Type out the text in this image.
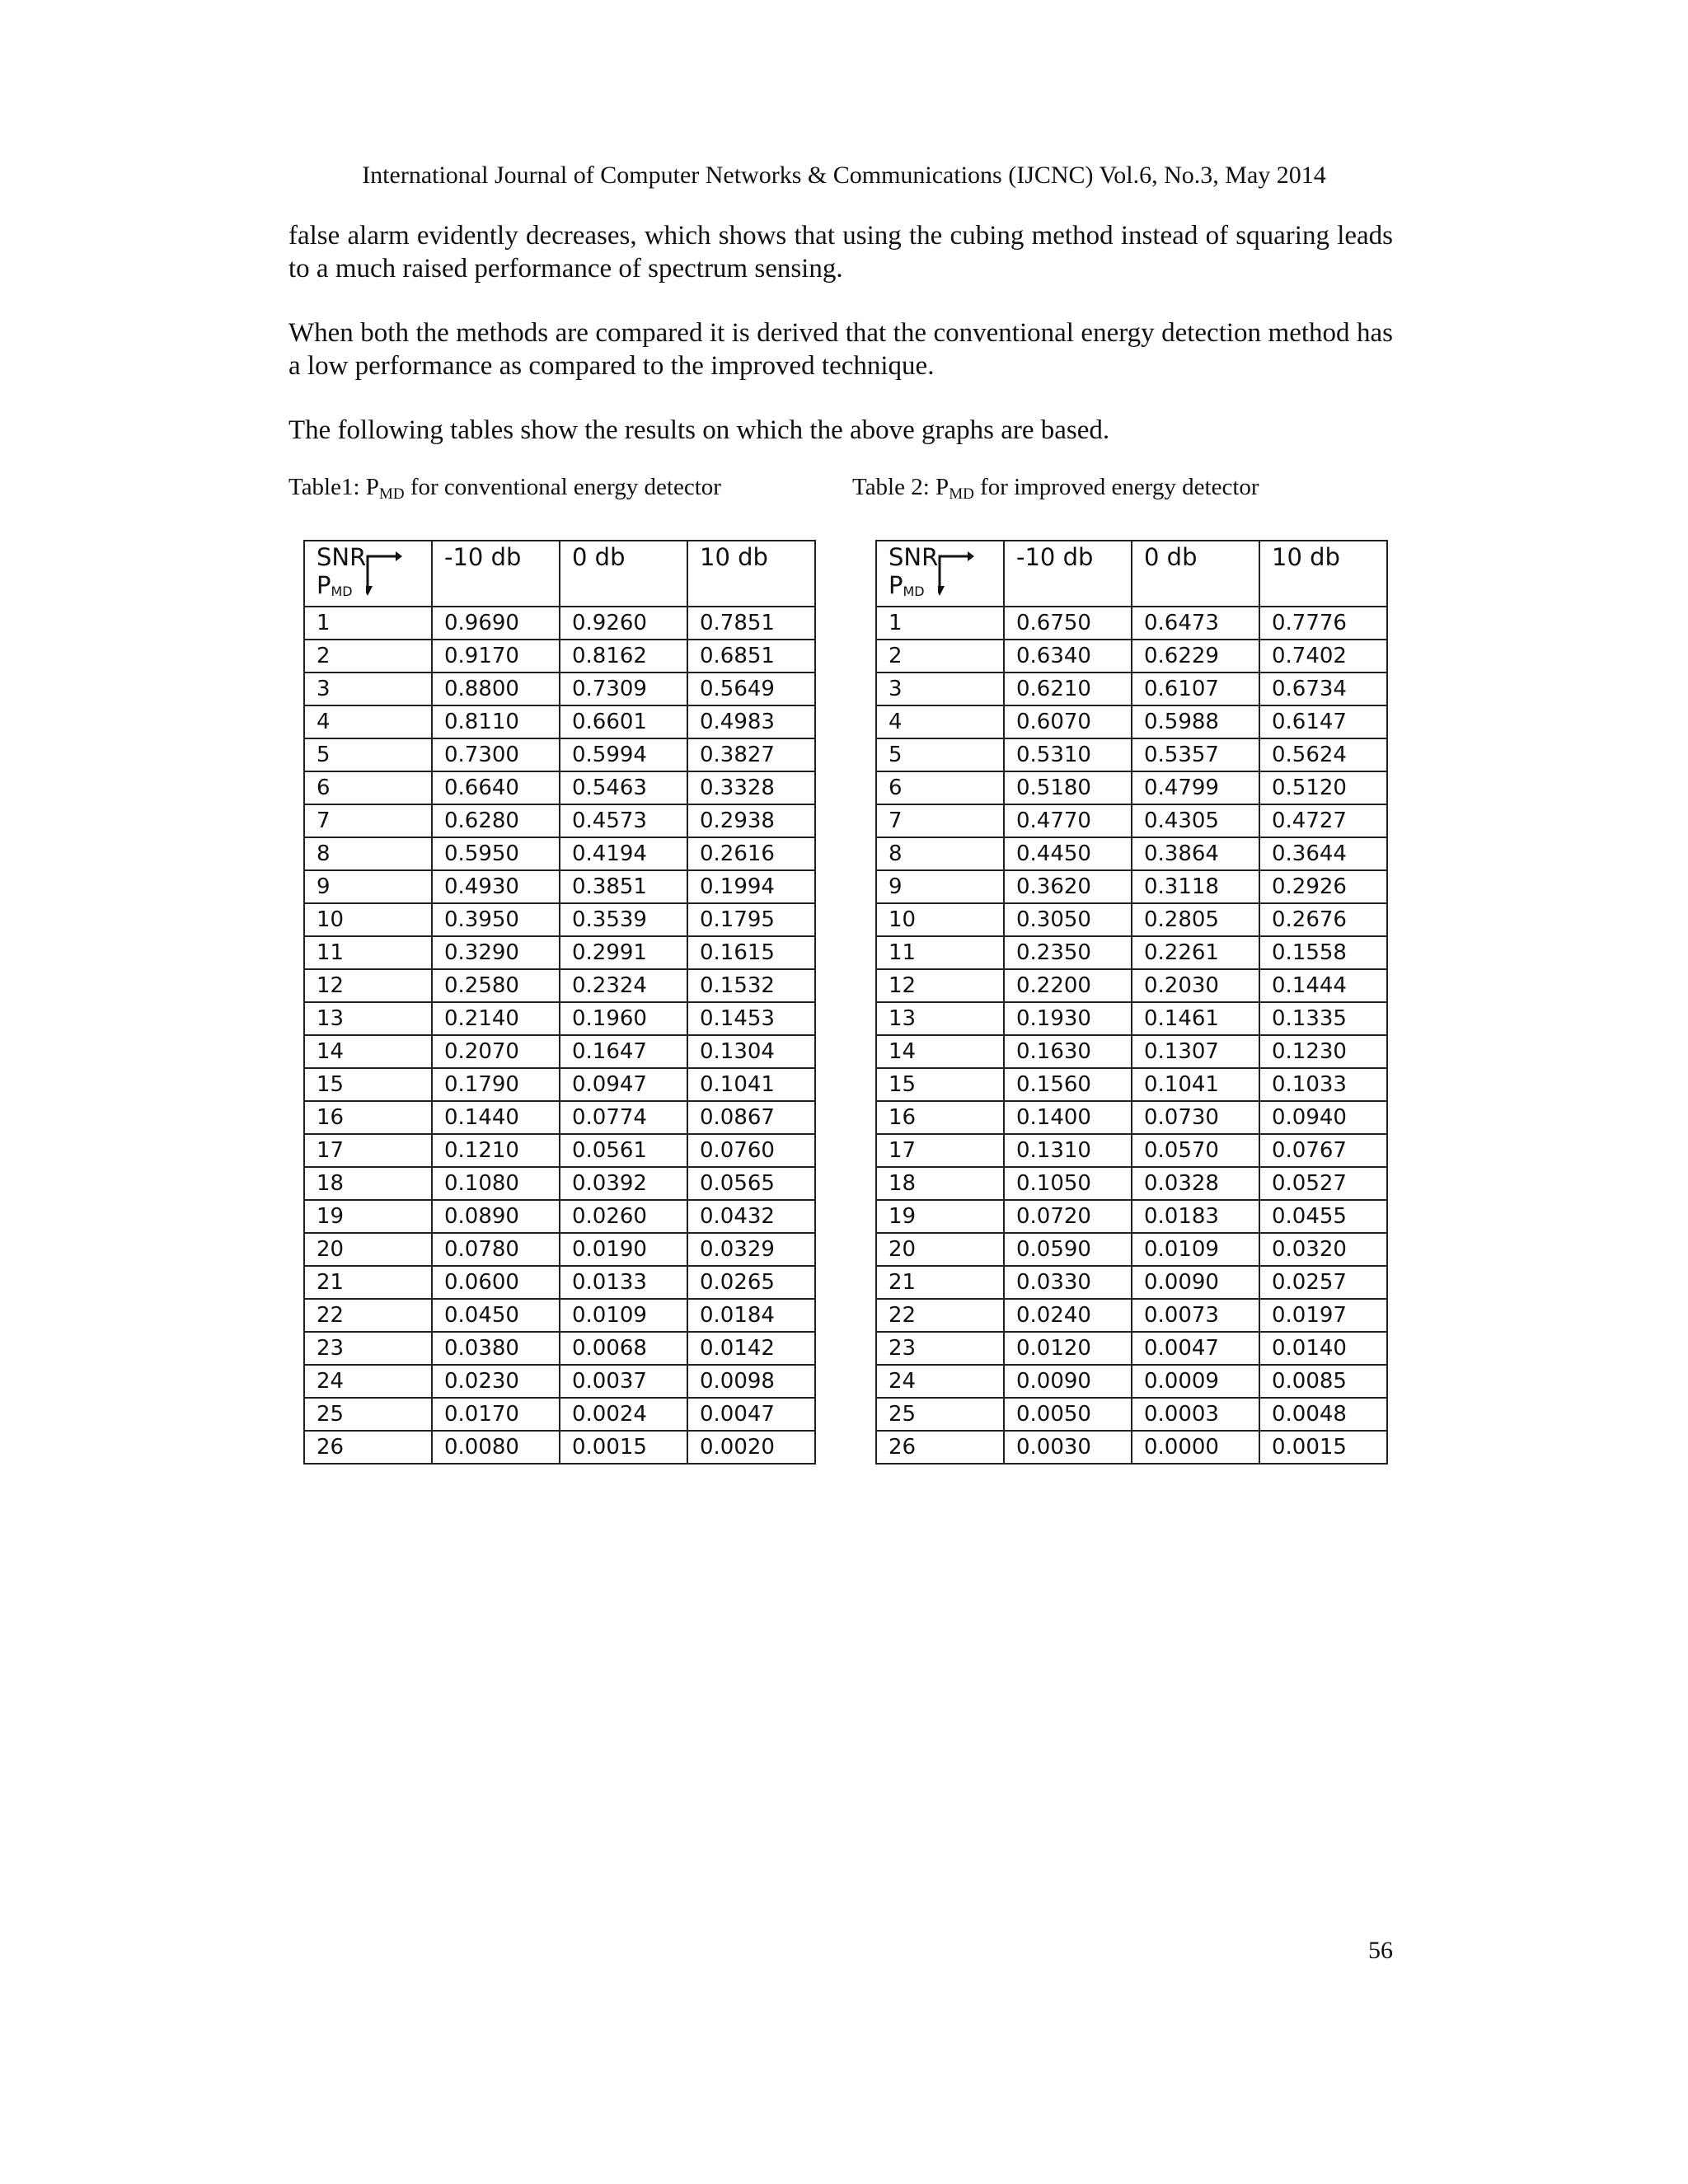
International Journal of Computer Networks & Communications (IJCNC) Vol.6, No.3, May 2014

false alarm evidently decreases, which shows that using the cubing method instead of squaring leads to a much raised performance of spectrum sensing.

When both the methods are compared it is derived that the conventional energy detection method has a low performance as compared to the improved technique.

The following tables show the results on which the above graphs are based.

Table1: $P_{MD}$ for conventional energy detector	Table 2: $P_{MD}$ for improved energy detector
SNR
$P_{MD}$	-10 db	0 db	10 db
1	0.9690	0.9260	0.7851
2	0.9170	0.8162	0.6851
3	0.8800	0.7309	0.5649
4	0.8110	0.6601	0.4983
5	0.7300	0.5994	0.3827
6	0.6640	0.5463	0.3328
7	0.6280	0.4573	0.2938
8	0.5950	0.4194	0.2616
9	0.4930	0.3851	0.1994
10	0.3950	0.3539	0.1795
11	0.3290	0.2991	0.1615
12	0.2580	0.2324	0.1532
13	0.2140	0.1960	0.1453
14	0.2070	0.1647	0.1304
15	0.1790	0.0947	0.1041
16	0.1440	0.0774	0.0867
17	0.1210	0.0561	0.0760
18	0.1080	0.0392	0.0565
19	0.0890	0.0260	0.0432
20	0.0780	0.0190	0.0329
21	0.0600	0.0133	0.0265
22	0.0450	0.0109	0.0184
23	0.0380	0.0068	0.0142
24	0.0230	0.0037	0.0098
25	0.0170	0.0024	0.0047
26	0.0080	0.0015	0.0020
SNR
$P_{MD}$	-10 db	0 db	10 db
1	0.6750	0.6473	0.7776
2	0.6340	0.6229	0.7402
3	0.6210	0.6107	0.6734
4	0.6070	0.5988	0.6147
5	0.5310	0.5357	0.5624
6	0.5180	0.4799	0.5120
7	0.4770	0.4305	0.4727
8	0.4450	0.3864	0.3644
9	0.3620	0.3118	0.2926
10	0.3050	0.2805	0.2676
11	0.2350	0.2261	0.1558
12	0.2200	0.2030	0.1444
13	0.1930	0.1461	0.1335
14	0.1630	0.1307	0.1230
15	0.1560	0.1041	0.1033
16	0.1400	0.0730	0.0940
17	0.1310	0.0570	0.0767
18	0.1050	0.0328	0.0527
19	0.0720	0.0183	0.0455
20	0.0590	0.0109	0.0320
21	0.0330	0.0090	0.0257
22	0.0240	0.0073	0.0197
23	0.0120	0.0047	0.0140
24	0.0090	0.0009	0.0085
25	0.0050	0.0003	0.0048
26	0.0030	0.0000	0.0015
56
